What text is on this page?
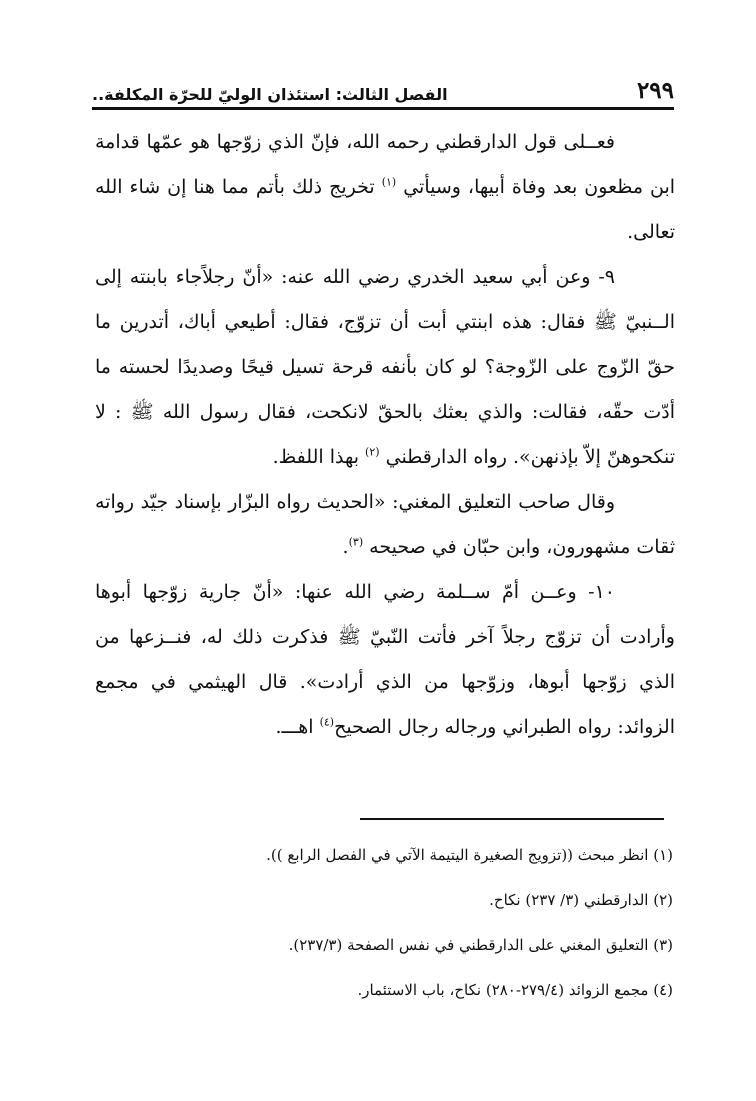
٢٩٩
الفصل الثالث: استئذان الوليّ للحرّة المكلفة..

فعــلى قول الدارقطني رحمه الله، فإنّ الذي زوّجها هو عمّها قدامة ابن مظعون بعد وفاة أبيها، وسيأتي $^{(١)}$ تخريج ذلك بأتم مما هنا إن شاء الله تعالى.

٩- وعن أبي سعيد الخدري رضي الله عنه: «أنّ رجلاًجاء بابنته إلى الــنبيّ ﷺ فقال: هذه ابنتي أبت أن تزوّج، فقال: أطيعي أباك، أتدرين ما حقّ الزّوج على الزّوجة؟ لو كان بأنفه قرحة تسيل قيحًا وصديدًا لحسته ما أدّت حقّه، فقالت: والذي بعثك بالحقّ لانكحت، فقال رسول الله ﷺ : لا تنكحوهنّ إلاّ بإذنهن». رواه الدارقطني $^{(٢)}$ بهذا اللفظ.

وقال صاحب التعليق المغني: «الحديث رواه البزّار بإسناد جيّد رواته ثقات مشهورون، وابن حبّان في صحيحه $^{(٣)}$.

١٠- وعــن أمّ ســلمة رضي الله عنها: «أنّ جارية زوّجها أبوها وأرادت أن تزوّج رجلاً آخر فأتت النّبيّ ﷺ فذكرت ذلك له، فنــزعها من الذي زوّجها أبوها، وزوّجها من الذي أرادت». قال الهيثمي في مجمع الزوائد: رواه الطبراني ورجاله رجال الصحيح$^{(٤)}$ اهـــ.

(١) انظر مبحث ((تزويج الصغيرة اليتيمة الآتي في الفصل الرابع )).

(٢) الدارقطني (٣/ ٢٣٧) نكاح.

(٣) التعليق المغني على الدارقطني في نفس الصفحة (٢٣٧/٣).

(٤) مجمع الزوائد (٢٧٩/٤-٢٨٠) نكاح، باب الاستئمار.
